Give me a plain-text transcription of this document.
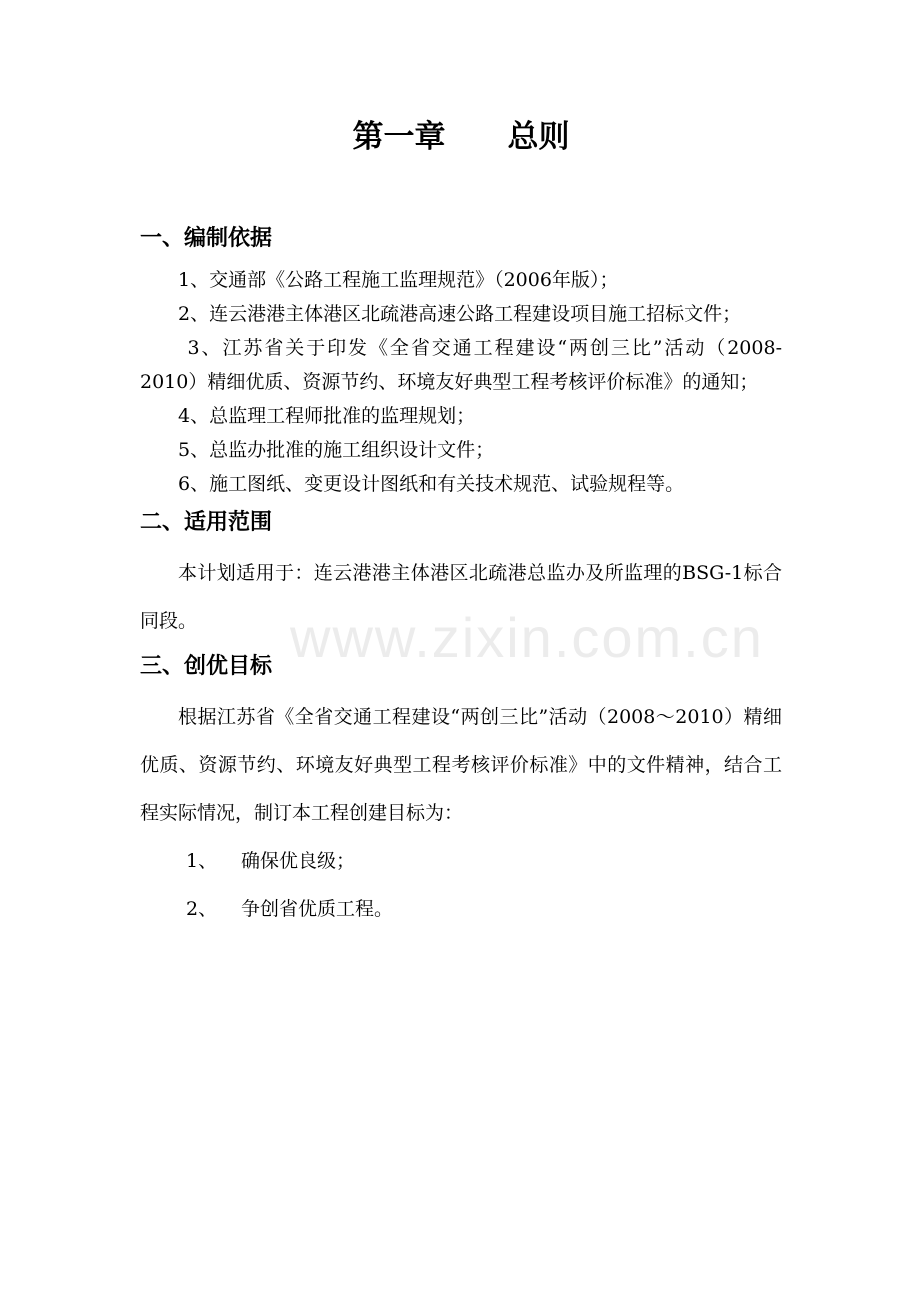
www.zixin.com.cn
第一章　　总则
一、编制依据

1、交通部《公路工程施工监理规范》（2006年版）；

2、连云港港主体港区北疏港高速公路工程建设项目施工招标文件；

3、江苏省关于印发《全省交通工程建设“两创三比”活动（2008-2010）精细优质、资源节约、环境友好典型工程考核评价标准》的通知；

4、总监理工程师批准的监理规划；

5、总监办批准的施工组织设计文件；

6、施工图纸、变更设计图纸和有关技术规范、试验规程等。

二、适用范围

本计划适用于：连云港港主体港区北疏港总监办及所监理的BSG-1标合同段。

三、创优目标

根据江苏省《全省交通工程建设“两创三比”活动（2008～2010）精细优质、资源节约、环境友好典型工程考核评价标准》中的文件精神，结合工程实际情况，制订本工程创建目标为：

1、 确保优良级；

2、 争创省优质工程。
